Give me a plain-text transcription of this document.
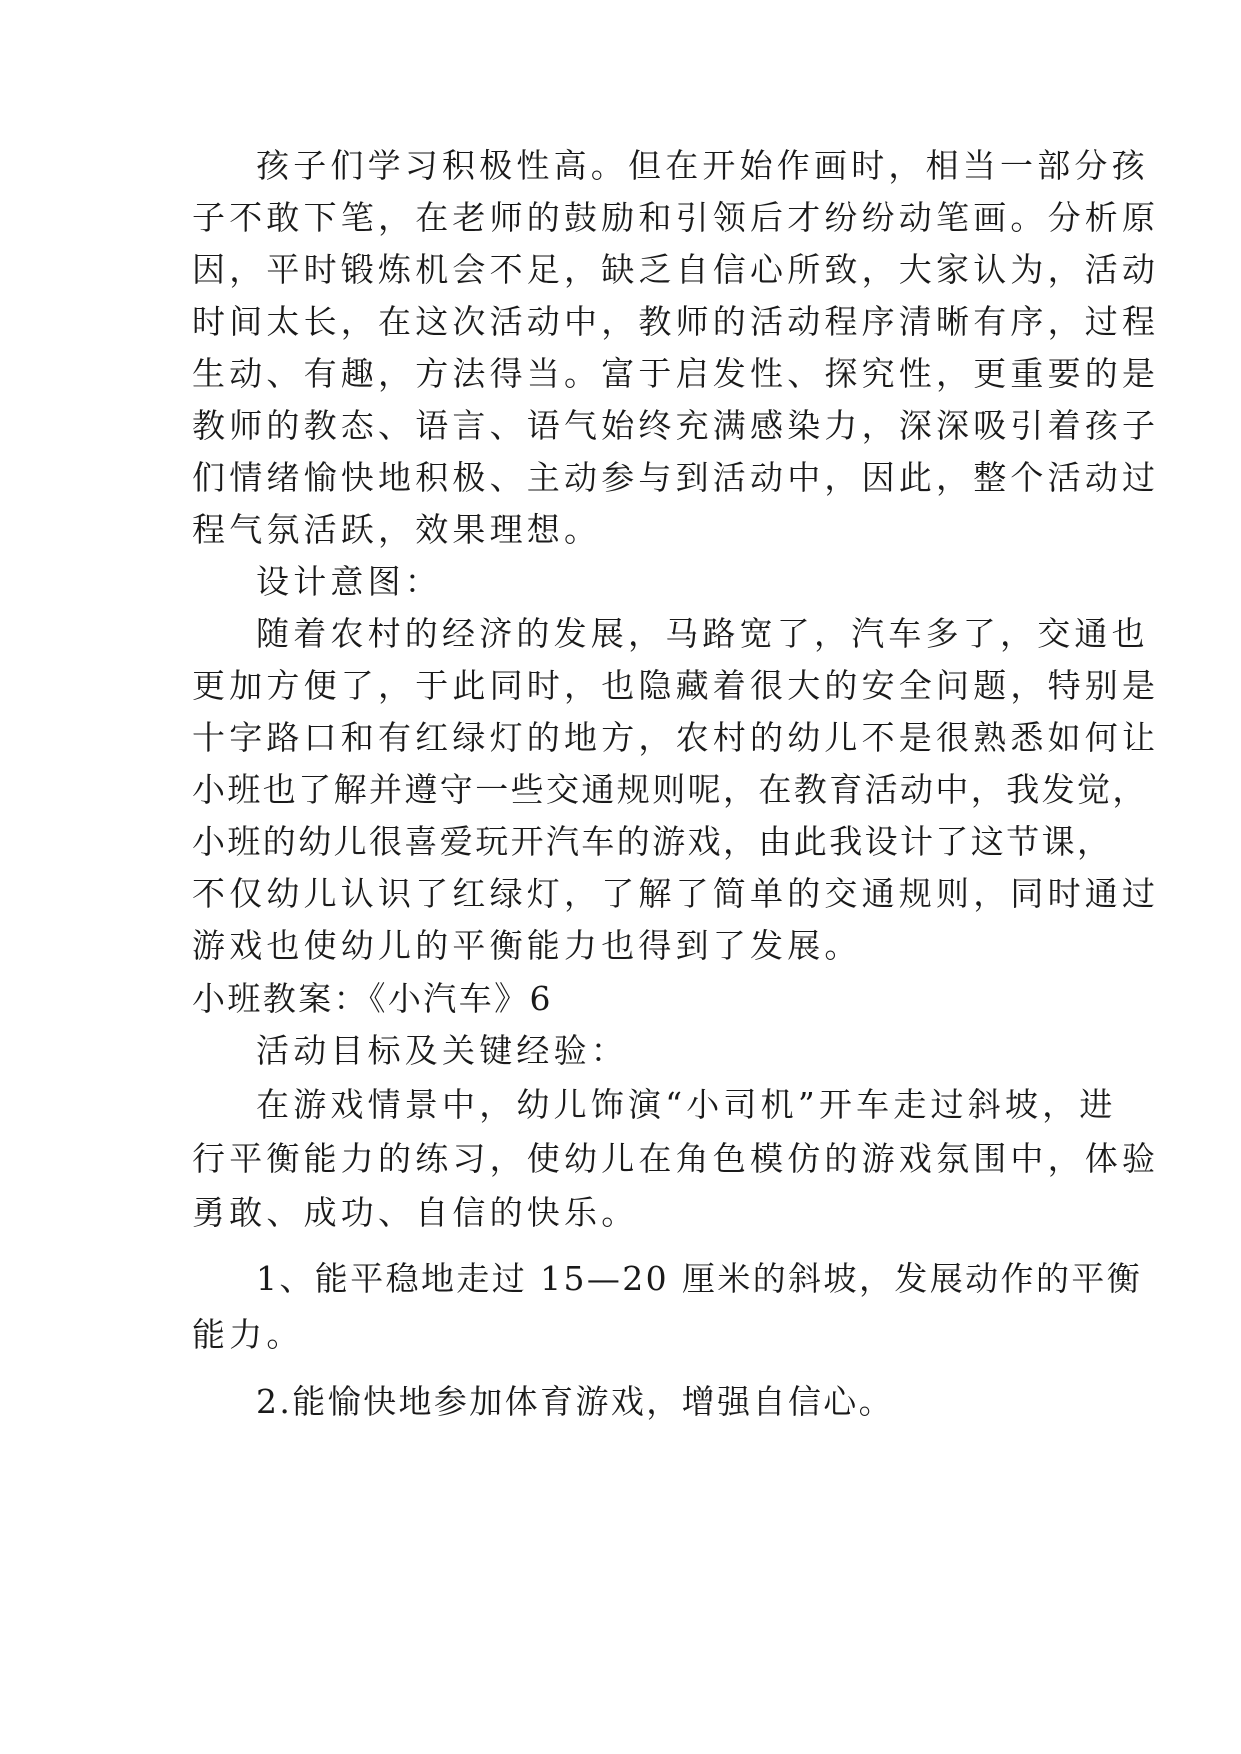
孩子们学习积极性高。但在开始作画时，相当一部分孩
子不敢下笔，在老师的鼓励和引领后才纷纷动笔画。分析原
因，平时锻炼机会不足，缺乏自信心所致，大家认为，活动
时间太长，在这次活动中，教师的活动程序清晰有序，过程
生动、有趣，方法得当。富于启发性、探究性，更重要的是
教师的教态、语言、语气始终充满感染力，深深吸引着孩子
们情绪愉快地积极、主动参与到活动中，因此，整个活动过
程气氛活跃，效果理想。
设计意图：
随着农村的经济的发展，马路宽了，汽车多了，交通也
更加方便了，于此同时，也隐藏着很大的安全问题，特别是
十字路口和有红绿灯的地方，农村的幼儿不是很熟悉如何让
小班也了解并遵守一些交通规则呢，在教育活动中，我发觉，
小班的幼儿很喜爱玩开汽车的游戏，由此我设计了这节课，
不仅幼儿认识了红绿灯，了解了简单的交通规则，同时通过
游戏也使幼儿的平衡能力也得到了发展。
小班教案：《小汽车》6
活动目标及关键经验：
在游戏情景中，幼儿饰演“小司机”开车走过斜坡，进
行平衡能力的练习，使幼儿在角色模仿的游戏氛围中，体验
勇敢、成功、自信的快乐。
1、能平稳地走过 15—20 厘米的斜坡，发展动作的平衡
能力。
2.能愉快地参加体育游戏，增强自信心。
